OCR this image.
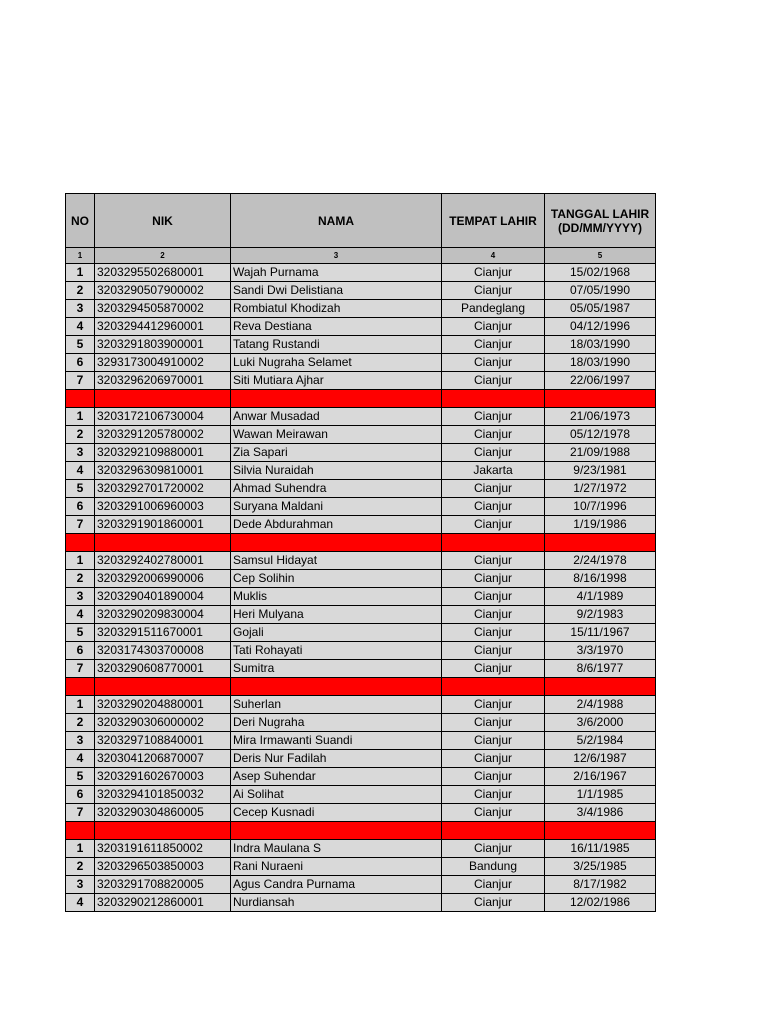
NO	NIK	NAMA	TEMPAT LAHIR	TANGGAL LAHIR (DD/MM/YYYY)
1	2	3	4	5
1	3203295502680001	Wajah Purnama	Cianjur	15/02/1968
2	3203290507900002	Sandi Dwi Delistiana	Cianjur	07/05/1990
3	3203294505870002	Rombiatul Khodizah	Pandeglang	05/05/1987
4	3203294412960001	Reva Destiana	Cianjur	04/12/1996
5	3203291803900001	Tatang Rustandi	Cianjur	18/03/1990
6	3293173004910002	Luki Nugraha Selamet	Cianjur	18/03/1990
7	3203296206970001	Siti Mutiara Ajhar	Cianjur	22/06/1997

1	3203172106730004	Anwar Musadad	Cianjur	21/06/1973
2	3203291205780002	Wawan Meirawan	Cianjur	05/12/1978
3	3203292109880001	Zia Sapari	Cianjur	21/09/1988
4	3203296309810001	Silvia Nuraidah	Jakarta	9/23/1981
5	3203292701720002	Ahmad Suhendra	Cianjur	1/27/1972
6	3203291006960003	Suryana Maldani	Cianjur	10/7/1996
7	3203291901860001	Dede Abdurahman	Cianjur	1/19/1986

1	3203292402780001	Samsul Hidayat	Cianjur	2/24/1978
2	3203292006990006	Cep Solihin	Cianjur	8/16/1998
3	3203290401890004	Muklis	Cianjur	4/1/1989
4	3203290209830004	Heri Mulyana	Cianjur	9/2/1983
5	3203291511670001	Gojali	Cianjur	15/11/1967
6	3203174303700008	Tati Rohayati	Cianjur	3/3/1970
7	3203290608770001	Sumitra	Cianjur	8/6/1977

1	3203290204880001	Suherlan	Cianjur	2/4/1988
2	3203290306000002	Deri Nugraha	Cianjur	3/6/2000
3	3203297108840001	Mira Irmawanti Suandi	Cianjur	5/2/1984
4	3203041206870007	Deris Nur Fadilah	Cianjur	12/6/1987
5	3203291602670003	Asep Suhendar	Cianjur	2/16/1967
6	3203294101850032	Ai Solihat	Cianjur	1/1/1985
7	3203290304860005	Cecep Kusnadi	Cianjur	3/4/1986

1	3203191611850002	Indra Maulana S	Cianjur	16/11/1985
2	3203296503850003	Rani Nuraeni	Bandung	3/25/1985
3	3203291708820005	Agus Candra Purnama	Cianjur	8/17/1982
4	3203290212860001	Nurdiansah	Cianjur	12/02/1986
